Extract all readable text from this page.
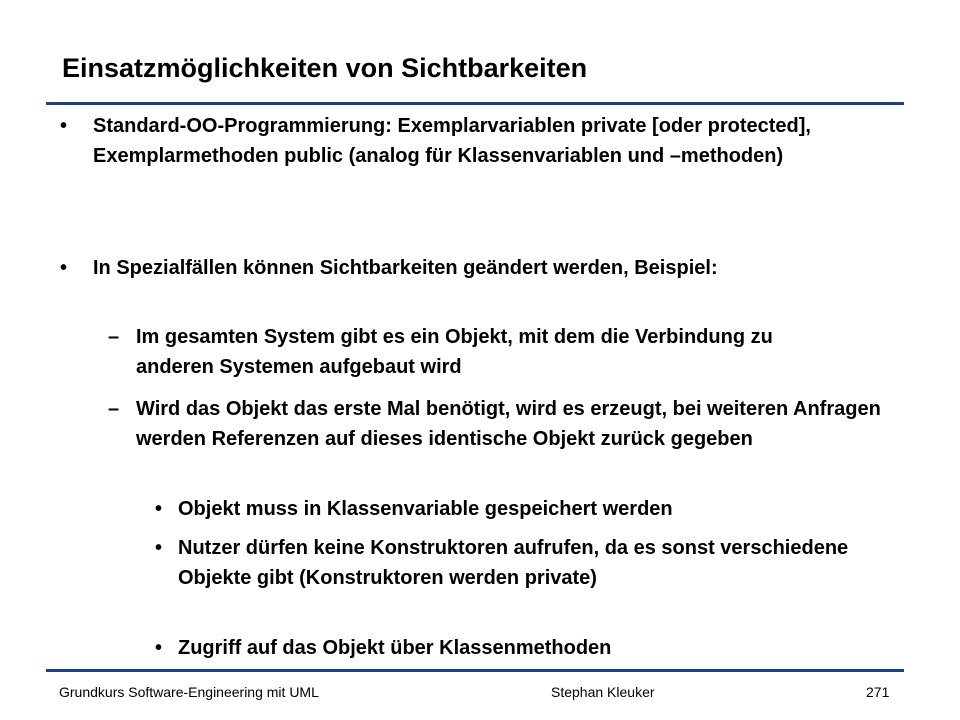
Einsatzmöglichkeiten von Sichtbarkeiten
• Standard-OO-Programmierung: Exemplarvariablen private [oder protected], Exemplarmethoden public (analog für Klassenvariablen und –methoden)
• In Spezialfällen können Sichtbarkeiten geändert werden, Beispiel:
– Im gesamten System gibt es ein Objekt, mit dem die Verbindung zu anderen Systemen aufgebaut wird
– Wird das Objekt das erste Mal benötigt, wird es erzeugt, bei weiteren Anfragen werden Referenzen auf dieses identische Objekt zurück gegeben
• Objekt muss in Klassenvariable gespeichert werden
• Nutzer dürfen keine Konstruktoren aufrufen, da es sonst verschiedene Objekte gibt (Konstruktoren werden private)
• Zugriff auf das Objekt über Klassenmethoden
Grundkurs Software-Engineering mit UML	Stephan Kleuker	271
